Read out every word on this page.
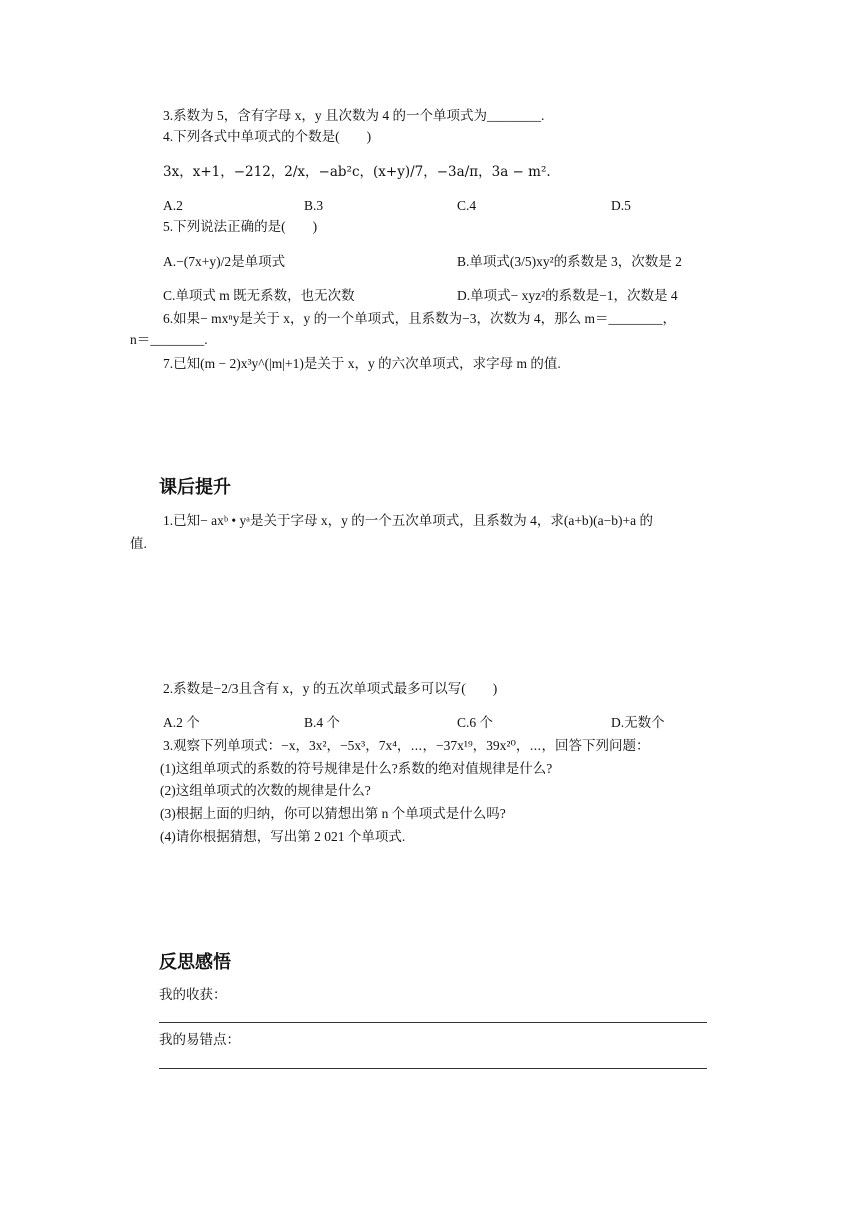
3.系数为 5，含有字母 x，y 且次数为 4 的一个单项式为________.
4.下列各式中单项式的个数是(　　)
3x，x+1，−212，2/x，−ab²c，(x+y)/7，−3a/π，3a − m².
A.2	B.3	C.4	D.5
5.下列说法正确的是(　　)
A.−(7x+y)/2是单项式	B.单项式(3/5)xy²的系数是 3，次数是 2
C.单项式 m 既无系数，也无次数	D.单项式− xyz²的系数是−1，次数是 4
6.如果− mxⁿy是关于 x，y 的一个单项式，且系数为−3，次数为 4，那么 m＝________，
n＝________.
7.已知(m − 2)x³y^(|m|+1)是关于 x，y 的六次单项式，求字母 m 的值.
课后提升
1.已知− axᵇ • yᵃ是关于字母 x，y 的一个五次单项式，且系数为 4，求(a+b)(a−b)+a 的
值.
2.系数是−2/3且含有 x，y 的五次单项式最多可以写(　　)
A.2 个	B.4 个	C.6 个	D.无数个
3.观察下列单项式：−x，3x²，−5x³，7x⁴，⋯，−37x¹⁹，39x²⁰，⋯，回答下列问题：
(1)这组单项式的系数的符号规律是什么?系数的绝对值规律是什么?
(2)这组单项式的次数的规律是什么?
(3)根据上面的归纳，你可以猜想出第 n 个单项式是什么吗?
(4)请你根据猜想，写出第 2 021 个单项式.
反思感悟
我的收获：
我的易错点：
